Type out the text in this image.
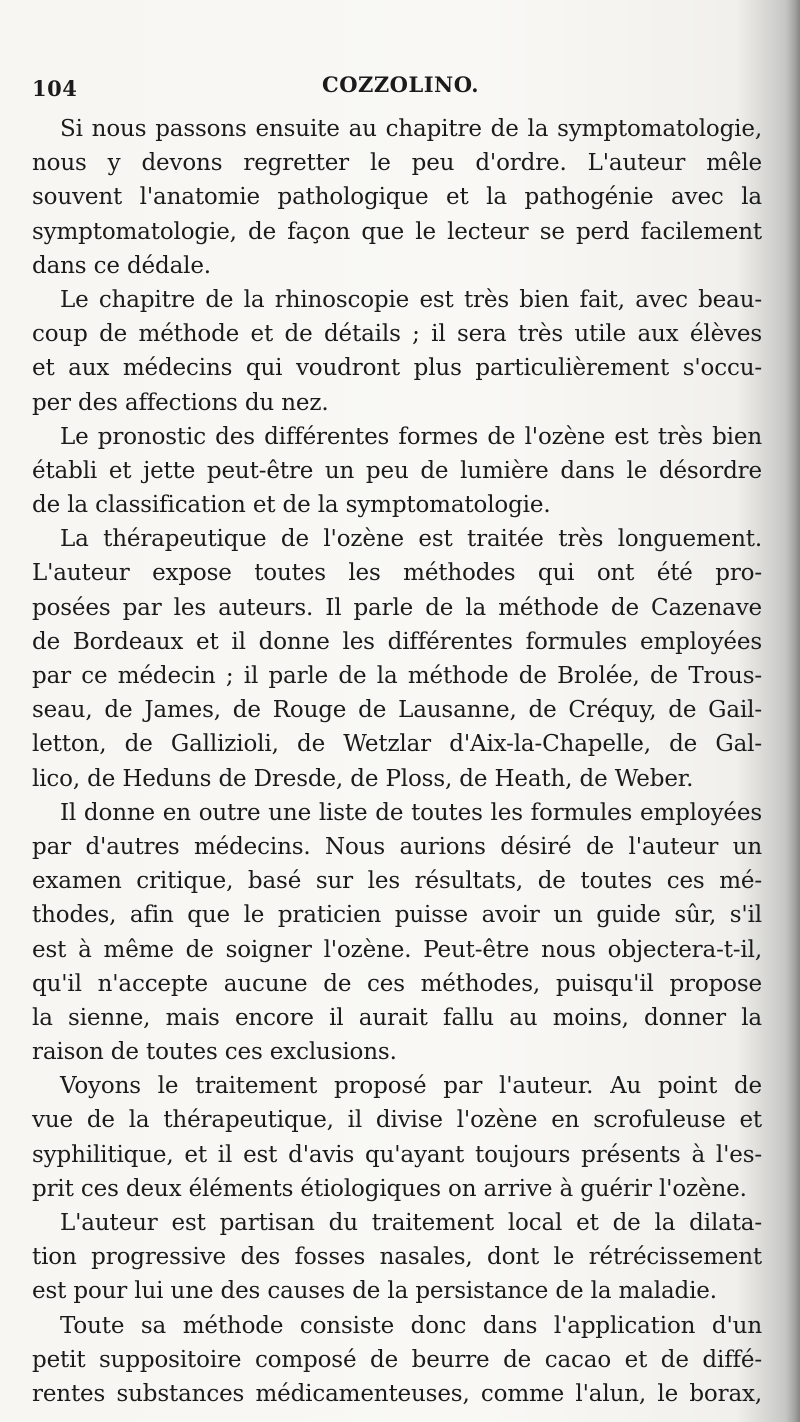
104	COZZOLINO.
Si nous passons ensuite au chapitre de la symptomatologie,
nous y devons regretter le peu d'ordre. L'auteur mêle
souvent l'anatomie pathologique et la pathogénie avec la
symptomatologie, de façon que le lecteur se perd facilement
dans ce dédale.
Le chapitre de la rhinoscopie est très bien fait, avec beau-
coup de méthode et de détails ; il sera très utile aux élèves
et aux médecins qui voudront plus particulièrement s'occu-
per des affections du nez.
Le pronostic des différentes formes de l'ozène est très bien
établi et jette peut-être un peu de lumière dans le désordre
de la classification et de la symptomatologie.
La thérapeutique de l'ozène est traitée très longuement.
L'auteur expose toutes les méthodes qui ont été pro-
posées par les auteurs. Il parle de la méthode de Cazenave
de Bordeaux et il donne les différentes formules employées
par ce médecin ; il parle de la méthode de Brolée, de Trous-
seau, de James, de Rouge de Lausanne, de Créquy, de Gail-
letton, de Gallizioli, de Wetzlar d'Aix-la-Chapelle, de Gal-
lico, de Heduns de Dresde, de Ploss, de Heath, de Weber.
Il donne en outre une liste de toutes les formules employées
par d'autres médecins. Nous aurions désiré de l'auteur un
examen critique, basé sur les résultats, de toutes ces mé-
thodes, afin que le praticien puisse avoir un guide sûr, s'il
est à même de soigner l'ozène. Peut-être nous objectera-t-il,
qu'il n'accepte aucune de ces méthodes, puisqu'il propose
la sienne, mais encore il aurait fallu au moins, donner la
raison de toutes ces exclusions.
Voyons le traitement proposé par l'auteur. Au point de
vue de la thérapeutique, il divise l'ozène en scrofuleuse et
syphilitique, et il est d'avis qu'ayant toujours présents à l'es-
prit ces deux éléments étiologiques on arrive à guérir l'ozène.
L'auteur est partisan du traitement local et de la dilata-
tion progressive des fosses nasales, dont le rétrécissement
est pour lui une des causes de la persistance de la maladie.
Toute sa méthode consiste donc dans l'application d'un
petit suppositoire composé de beurre de cacao et de diffé-
rentes substances médicamenteuses, comme l'alun, le borax,
